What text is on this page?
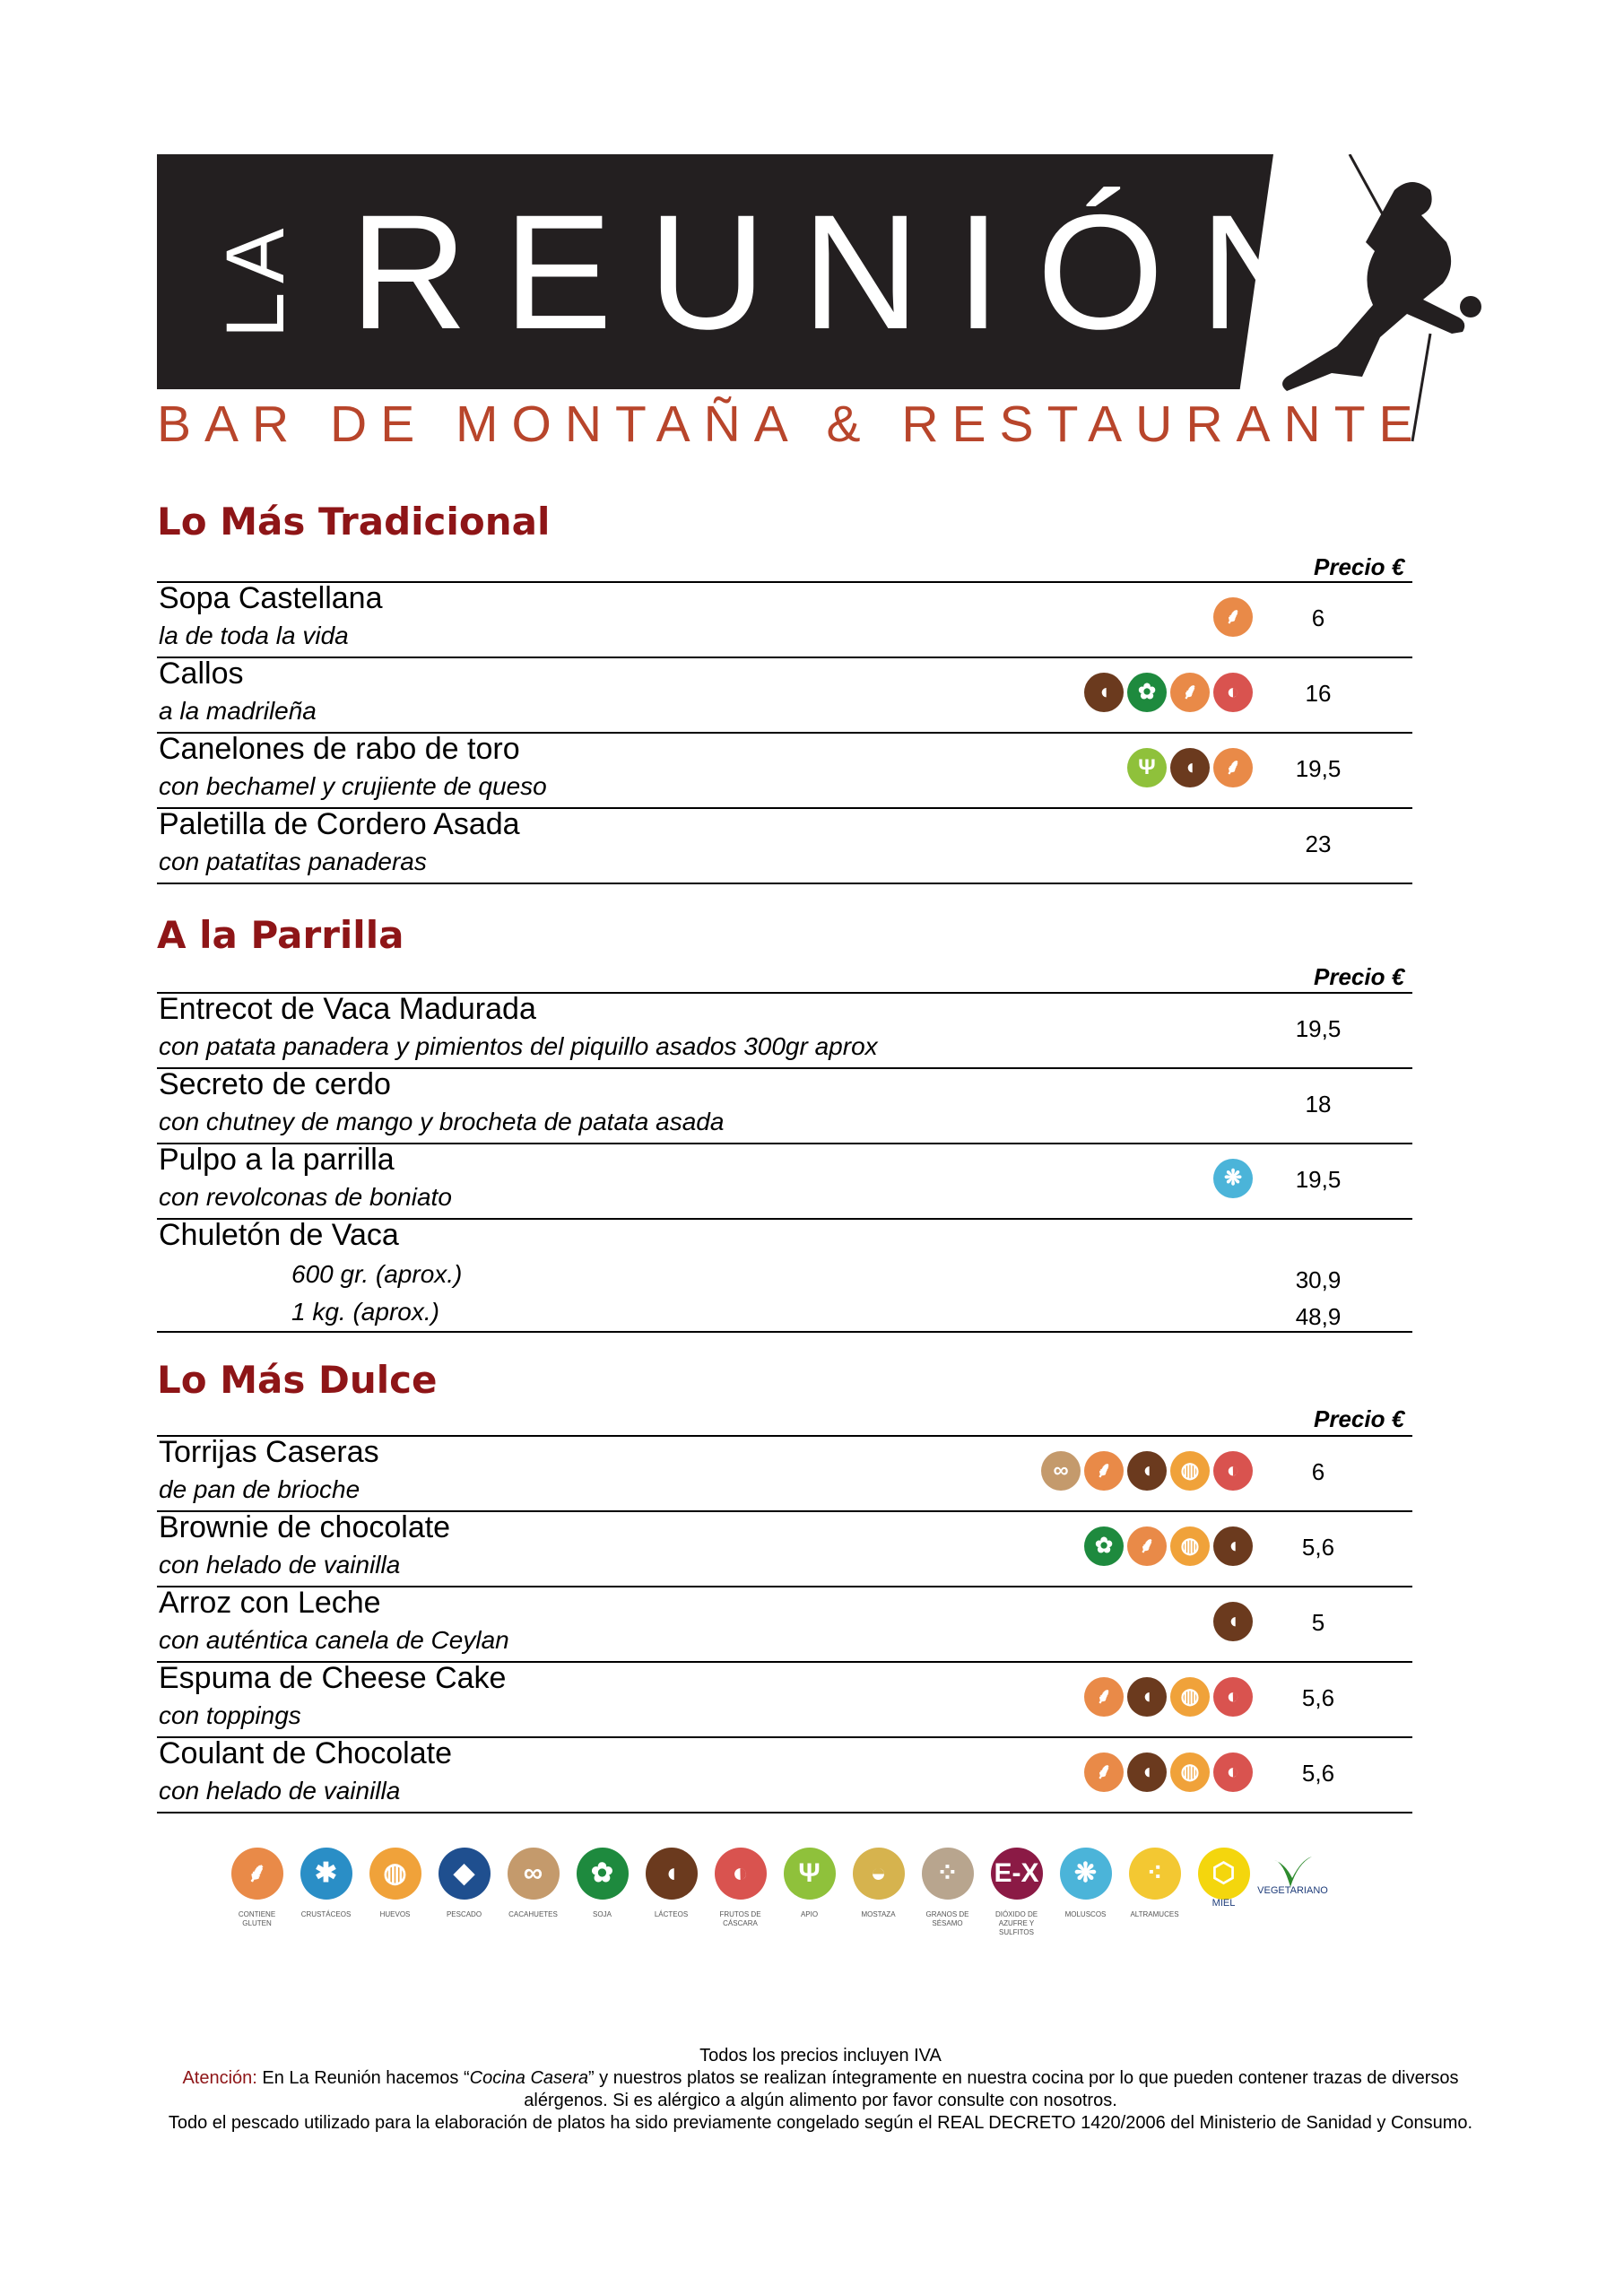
LA REUNIÓN
BAR DE MONTAÑA & RESTAURANTE
Lo Más Tradicional
Precio €
Sopa Castellana
la de toda la vida
⸙	6
Callos
a la madrileña
◖	✿	⸙	◐	16
Canelones de rabo de toro
con bechamel y crujiente de queso
Ψ	◖	⸙	19,5
Paletilla de Cordero Asada
con patatitas panaderas
23
A la Parrilla
Precio €
Entrecot de Vaca Madurada
con patata panadera y pimientos del piquillo asados 300gr aprox
19,5
Secreto de cerdo
con chutney de mango y brocheta de patata asada
18
Pulpo a la parrilla
con revolconas de boniato
❋	19,5
Chuletón de Vaca
600 gr. (aprox.)	30,9
1 kg. (aprox.)	48,9
Lo Más Dulce
Precio €
Torrijas Caseras
de pan de brioche
∞	⸙	◖	◍	◐	6
Brownie de chocolate
con helado de vainilla
✿	⸙	◍	◖	5,6
Arroz con Leche
con auténtica canela de Ceylan
◖	5
Espuma de Cheese Cake
con toppings
⸙	◖	◍	◐	5,6
Coulant de Chocolate
con helado de vainilla
⸙	◖	◍	◐	5,6
⸙
CONTIENE GLUTEN
✱
CRUSTÁCEOS
◍
HUEVOS
◆
PESCADO
∞
CACAHUETES
✿
SOJA
◖
LÁCTEOS
◐
FRUTOS DE CÁSCARA
Ψ
APIO
◒
MOSTAZA
⁘
GRANOS DE SÉSAMO
E-X
DIÓXIDO DE AZUFRE Y SULFITOS
❋
MOLUSCOS
⁖
ALTRAMUCES
⬡
MIEL
VEGETARIANO
Todos los precios incluyen IVA
Atención: En La Reunión hacemos “Cocina Casera” y nuestros platos se realizan íntegramente en nuestra cocina por lo que pueden contener trazas de diversos alérgenos. Si es alérgico a algún alimento por favor consulte con nosotros.
Todo el pescado utilizado para la elaboración de platos ha sido previamente congelado según el REAL DECRETO 1420/2006 del Ministerio de Sanidad y Consumo.
